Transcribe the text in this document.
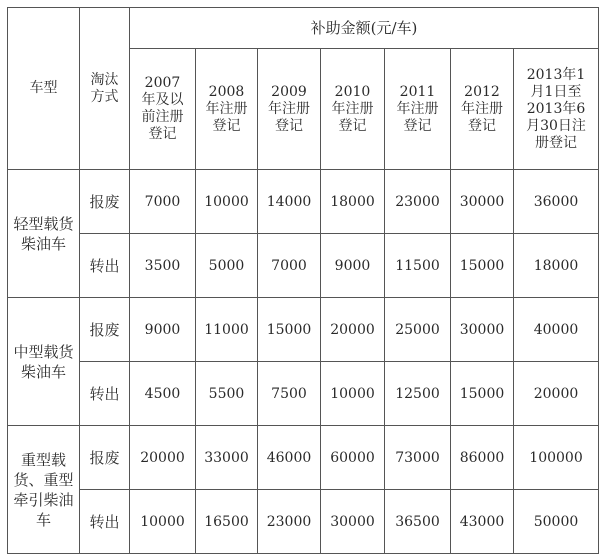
车型	淘汰方式	补助金额(元/车)						
		2007年及以前注册登记	2008年注册登记	2009年注册登记	2010年注册登记	2011年注册登记	2012年注册登记	2013年1月1日至2013年6月30日注册登记
轻型载货柴油车	报废	7000	10000	14000	18000	23000	30000	36000
	转出	3500	5000	7000	9000	11500	15000	18000
中型载货柴油车	报废	9000	11000	15000	20000	25000	30000	40000
	转出	4500	5500	7500	10000	12500	15000	20000
重型载货、重型牵引柴油车	报废	20000	33000	46000	60000	73000	86000	100000
	转出	10000	16500	23000	30000	36500	43000	50000
